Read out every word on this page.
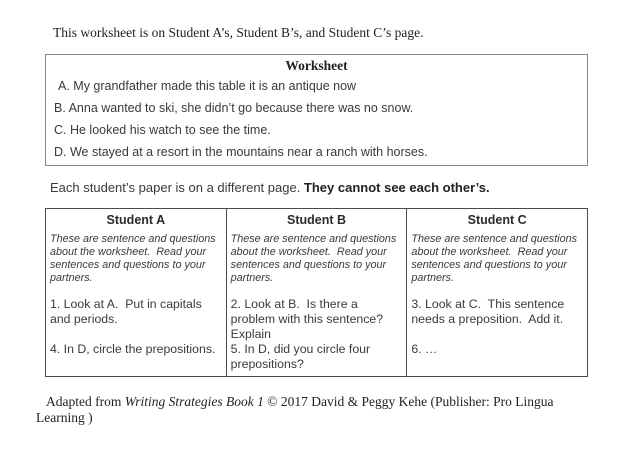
This worksheet is on Student A’s, Student B’s, and Student C’s page.

Worksheet

A. My grandfather made this table it is an antique now

B. Anna wanted to ski, she didn’t go because there was no snow.

C. He looked his watch to see the time.

D. We stayed at a resort in the mountains near a ranch with horses.

Each student’s paper is on a different page. They cannot see each other’s.

Student A

These are sentence and questions about the worksheet.  Read your sentences and questions to your partners.

1. Look at A.  Put in capitals and periods.

4. In D, circle the prepositions.

Student B

These are sentence and questions about the worksheet.  Read your sentences and questions to your partners.

2. Look at B.  Is there a problem with this sentence? Explain

5. In D, did you circle four prepositions?

Student C

These are sentence and questions about the worksheet.  Read your sentences and questions to your partners.

3. Look at C.  This sentence needs a preposition.  Add it.

6. …

Adapted from Writing Strategies Book 1 © 2017 David & Peggy Kehe (Publisher: Pro Lingua Learning )
